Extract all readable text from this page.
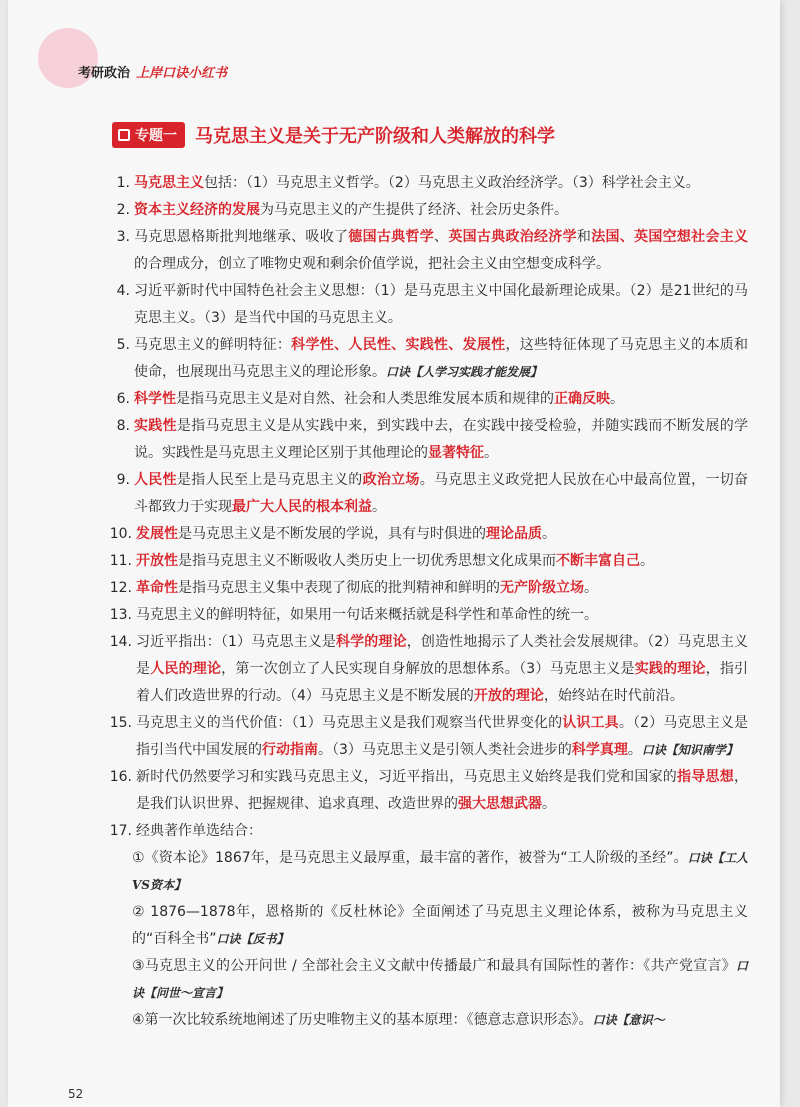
考研政治 上岸口诀小红书
专题一 马克思主义是关于无产阶级和人类解放的科学
1. 马克思主义包括：（1）马克思主义哲学。（2）马克思主义政治经济学。（3）科学社会主义。
2. 资本主义经济的发展为马克思主义的产生提供了经济、社会历史条件。
3. 马克思恩格斯批判地继承、吸收了德国古典哲学、英国古典政治经济学和法国、英国空想社会主义的合理成分，创立了唯物史观和剩余价值学说，把社会主义由空想变成科学。
4. 习近平新时代中国特色社会主义思想：（1）是马克思主义中国化最新理论成果。（2）是21世纪的马克思主义。（3）是当代中国的马克思主义。
5. 马克思主义的鲜明特征：科学性、人民性、实践性、发展性，这些特征体现了马克思主义的本质和使命，也展现出马克思主义的理论形象。口诀【人学习实践才能发展】
6. 科学性是指马克思主义是对自然、社会和人类思维发展本质和规律的正确反映。
8. 实践性是指马克思主义是从实践中来，到实践中去，在实践中接受检验，并随实践而不断发展的学说。实践性是马克思主义理论区别于其他理论的显著特征。
9. 人民性是指人民至上是马克思主义的政治立场。马克思主义政党把人民放在心中最高位置，一切奋斗都致力于实现最广大人民的根本利益。
10. 发展性是马克思主义是不断发展的学说，具有与时俱进的理论品质。
11. 开放性是指马克思主义不断吸收人类历史上一切优秀思想文化成果而不断丰富自己。
12. 革命性是指马克思主义集中表现了彻底的批判精神和鲜明的无产阶级立场。
13. 马克思主义的鲜明特征，如果用一句话来概括就是科学性和革命性的统一。
14. 习近平指出：（1）马克思主义是科学的理论，创造性地揭示了人类社会发展规律。（2）马克思主义是人民的理论，第一次创立了人民实现自身解放的思想体系。（3）马克思主义是实践的理论，指引着人们改造世界的行动。（4）马克思主义是不断发展的开放的理论，始终站在时代前沿。
15. 马克思主义的当代价值：（1）马克思主义是我们观察当代世界变化的认识工具。（2）马克思主义是指引当代中国发展的行动指南。（3）马克思主义是引领人类社会进步的科学真理。口诀【知识南学】
16. 新时代仍然要学习和实践马克思主义，习近平指出，马克思主义始终是我们党和国家的指导思想，是我们认识世界、把握规律、追求真理、改造世界的强大思想武器。
17. 经典著作单选结合：
①《资本论》1867年，是马克思主义最厚重，最丰富的著作，被誉为“工人阶级的圣经”。口诀【工人VS资本】
② 1876—1878年，恩格斯的《反杜林论》全面阐述了马克思主义理论体系，被称为马克思主义的“百科全书”口诀【反书】
③马克思主义的公开问世 / 全部社会主义文献中传播最广和最具有国际性的著作：《共产党宣言》口诀【问世～宣言】
④第一次比较系统地阐述了历史唯物主义的基本原理：《德意志意识形态》。口诀【意识～
52
